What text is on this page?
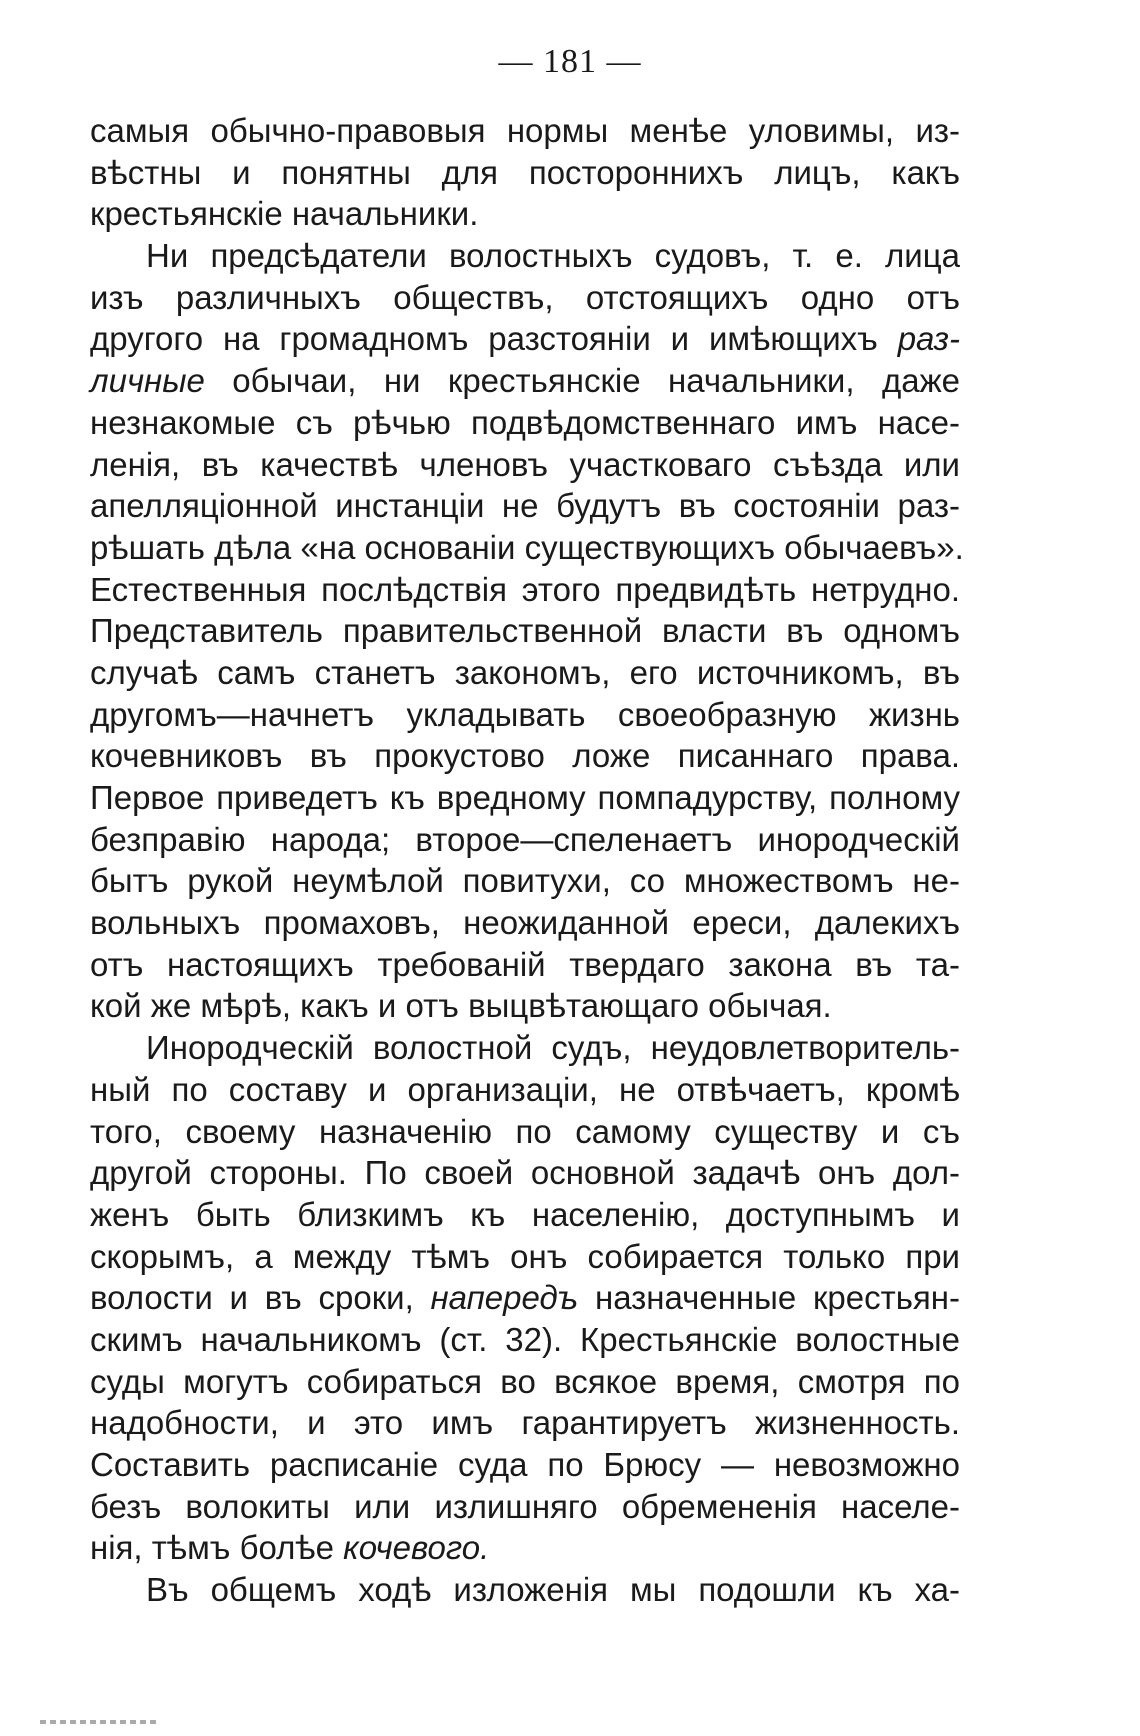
— 181 —
самыя обычно-правовыя нормы менѣе уловимы, из-
вѣстны и понятны для постороннихъ лицъ, какъ
крестьянскіе начальники.
Ни предсѣдатели волостныхъ судовъ, т. е. лица
изъ различныхъ обществъ, отстоящихъ одно отъ
другого на громадномъ разстояніи и имѣющихъ раз-
личные обычаи, ни крестьянскіе начальники, даже
незнакомые съ рѣчью подвѣдомственнаго имъ насе-
ленія, въ качествѣ членовъ участковаго съѣзда или
апелляціонной инстанціи не будутъ въ состояніи раз-
рѣшать дѣла «на основаніи существующихъ обычаевъ».
Естественныя послѣдствія этого предвидѣть нетрудно.
Представитель правительственной власти въ одномъ
случаѣ самъ станетъ закономъ, его источникомъ, въ
другомъ—начнетъ укладывать своеобразную жизнь
кочевниковъ въ прокустово ложе писаннаго права.
Первое приведетъ къ вредному помпадурству, полному
безправію народа; второе—спеленаетъ инородческій
бытъ рукой неумѣлой повитухи, со множествомъ не-
вольныхъ промаховъ, неожиданной ереси, далекихъ
отъ настоящихъ требованій твердаго закона въ та-
кой же мѣрѣ, какъ и отъ выцвѣтающаго обычая.
Инородческій волостной судъ, неудовлетворитель-
ный по составу и организаціи, не отвѣчаетъ, кромѣ
того, своему назначенію по самому существу и съ
другой стороны. По своей основной задачѣ онъ дол-
женъ быть близкимъ къ населенію, доступнымъ и
скорымъ, а между тѣмъ онъ собирается только при
волости и въ сроки, напередъ назначенные крестьян-
скимъ начальникомъ (ст. 32). Крестьянскіе волостные
суды могутъ собираться во всякое время, смотря по
надобности, и это имъ гарантируетъ жизненность.
Составить расписаніе суда по Брюсу — невозможно
безъ волокиты или излишняго обремененія населе-
нія, тѣмъ болѣе кочевого.
Въ общемъ ходѣ изложенія мы подошли къ ха-
